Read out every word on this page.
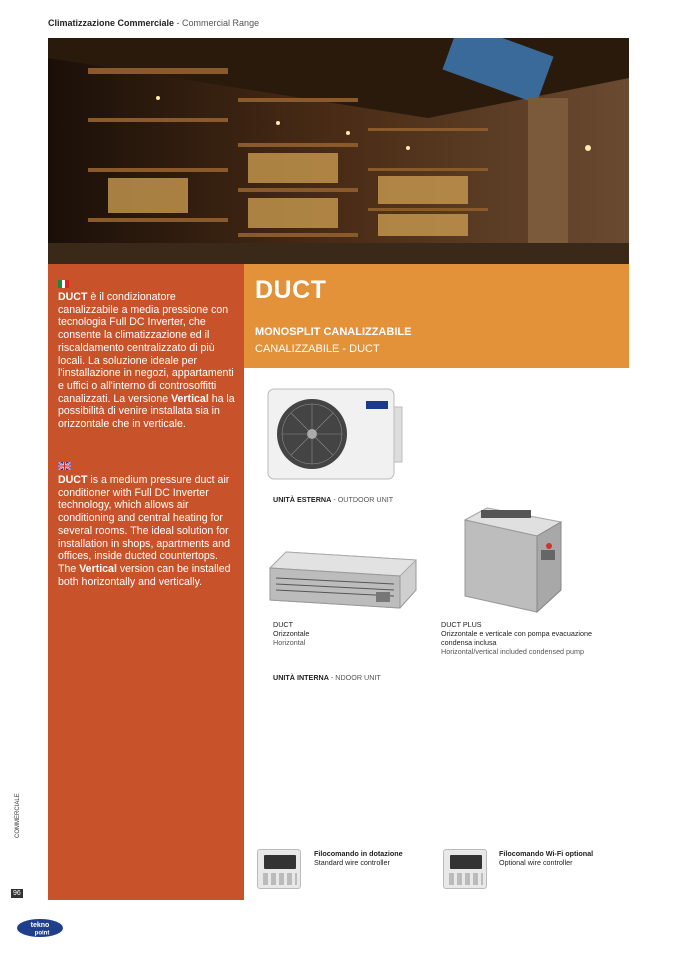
Climatizzazione Commerciale - Commercial Range
DUCT è il condizionatore canalizzabile a media pressione con tecnologia Full DC Inverter, che consente la climatizzazione ed il riscaldamento centralizzato di più locali. La soluzione ideale per l'installazione in negozi, appartamenti e uffici o all'interno di controsoffitti canalizzati. La versione Vertical ha la possibilità di venire installata sia in orizzontale che in verticale.
DUCT is a medium pressure duct air conditioner with Full DC Inverter technology, which allows air conditioning and central heating for several rooms. The ideal solution for installation in shops, apartments and offices, inside ducted countertops. The Vertical version can be installed both horizontally and vertically.
DUCT
MONOSPLIT CANALIZZABILE
CANALIZZABILE - DUCT
UNITÀ ESTERNA - OUTDOOR UNIT
DUCT
Orizzontale
Horizontal
DUCT PLUS
Orizzontale e verticale con pompa evacuazione condensa inclusa
Horizontal/vertical included condensed pump
UNITÀ INTERNA - NDOOR UNIT
Filocomando in dotazione
Standard wire controller
Filocomando Wi-Fi optional
Optional wire controller
COMMERCIALE
96
tekno
point
